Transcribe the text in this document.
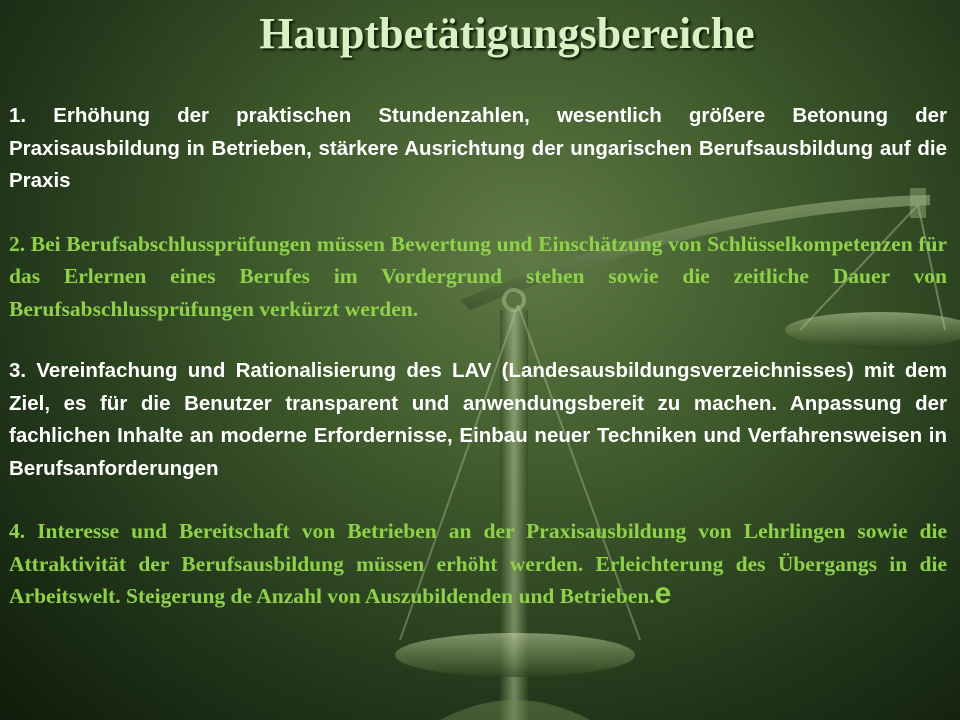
Hauptbetätigungsbereiche

1. Erhöhung der praktischen Stundenzahlen, wesentlich größere Betonung der Praxisausbildung in Betrieben, stärkere Ausrichtung der ungarischen Berufsausbildung auf die Praxis

2. Bei Berufsabschlussprüfungen müssen Bewertung und Einschätzung von Schlüsselkompetenzen für das Erlernen eines Berufes im Vordergrund stehen sowie die zeitliche Dauer von Berufsabschlussprüfungen verkürzt werden.

3. Vereinfachung und Rationalisierung des LAV (Landesausbildungsverzeichnisses) mit dem Ziel, es für die Benutzer transparent und anwendungsbereit zu machen. Anpassung der fachlichen Inhalte an moderne Erfordernisse, Einbau neuer Techniken und Verfahrensweisen in Berufsanforderungen

4. Interesse und Bereitschaft von Betrieben an der Praxisausbildung von Lehrlingen sowie die Attraktivität der Berufsausbildung müssen erhöht werden. Erleichterung des Übergangs in die Arbeitswelt. Steigerung de Anzahl von Auszubildenden und Betrieben.e
